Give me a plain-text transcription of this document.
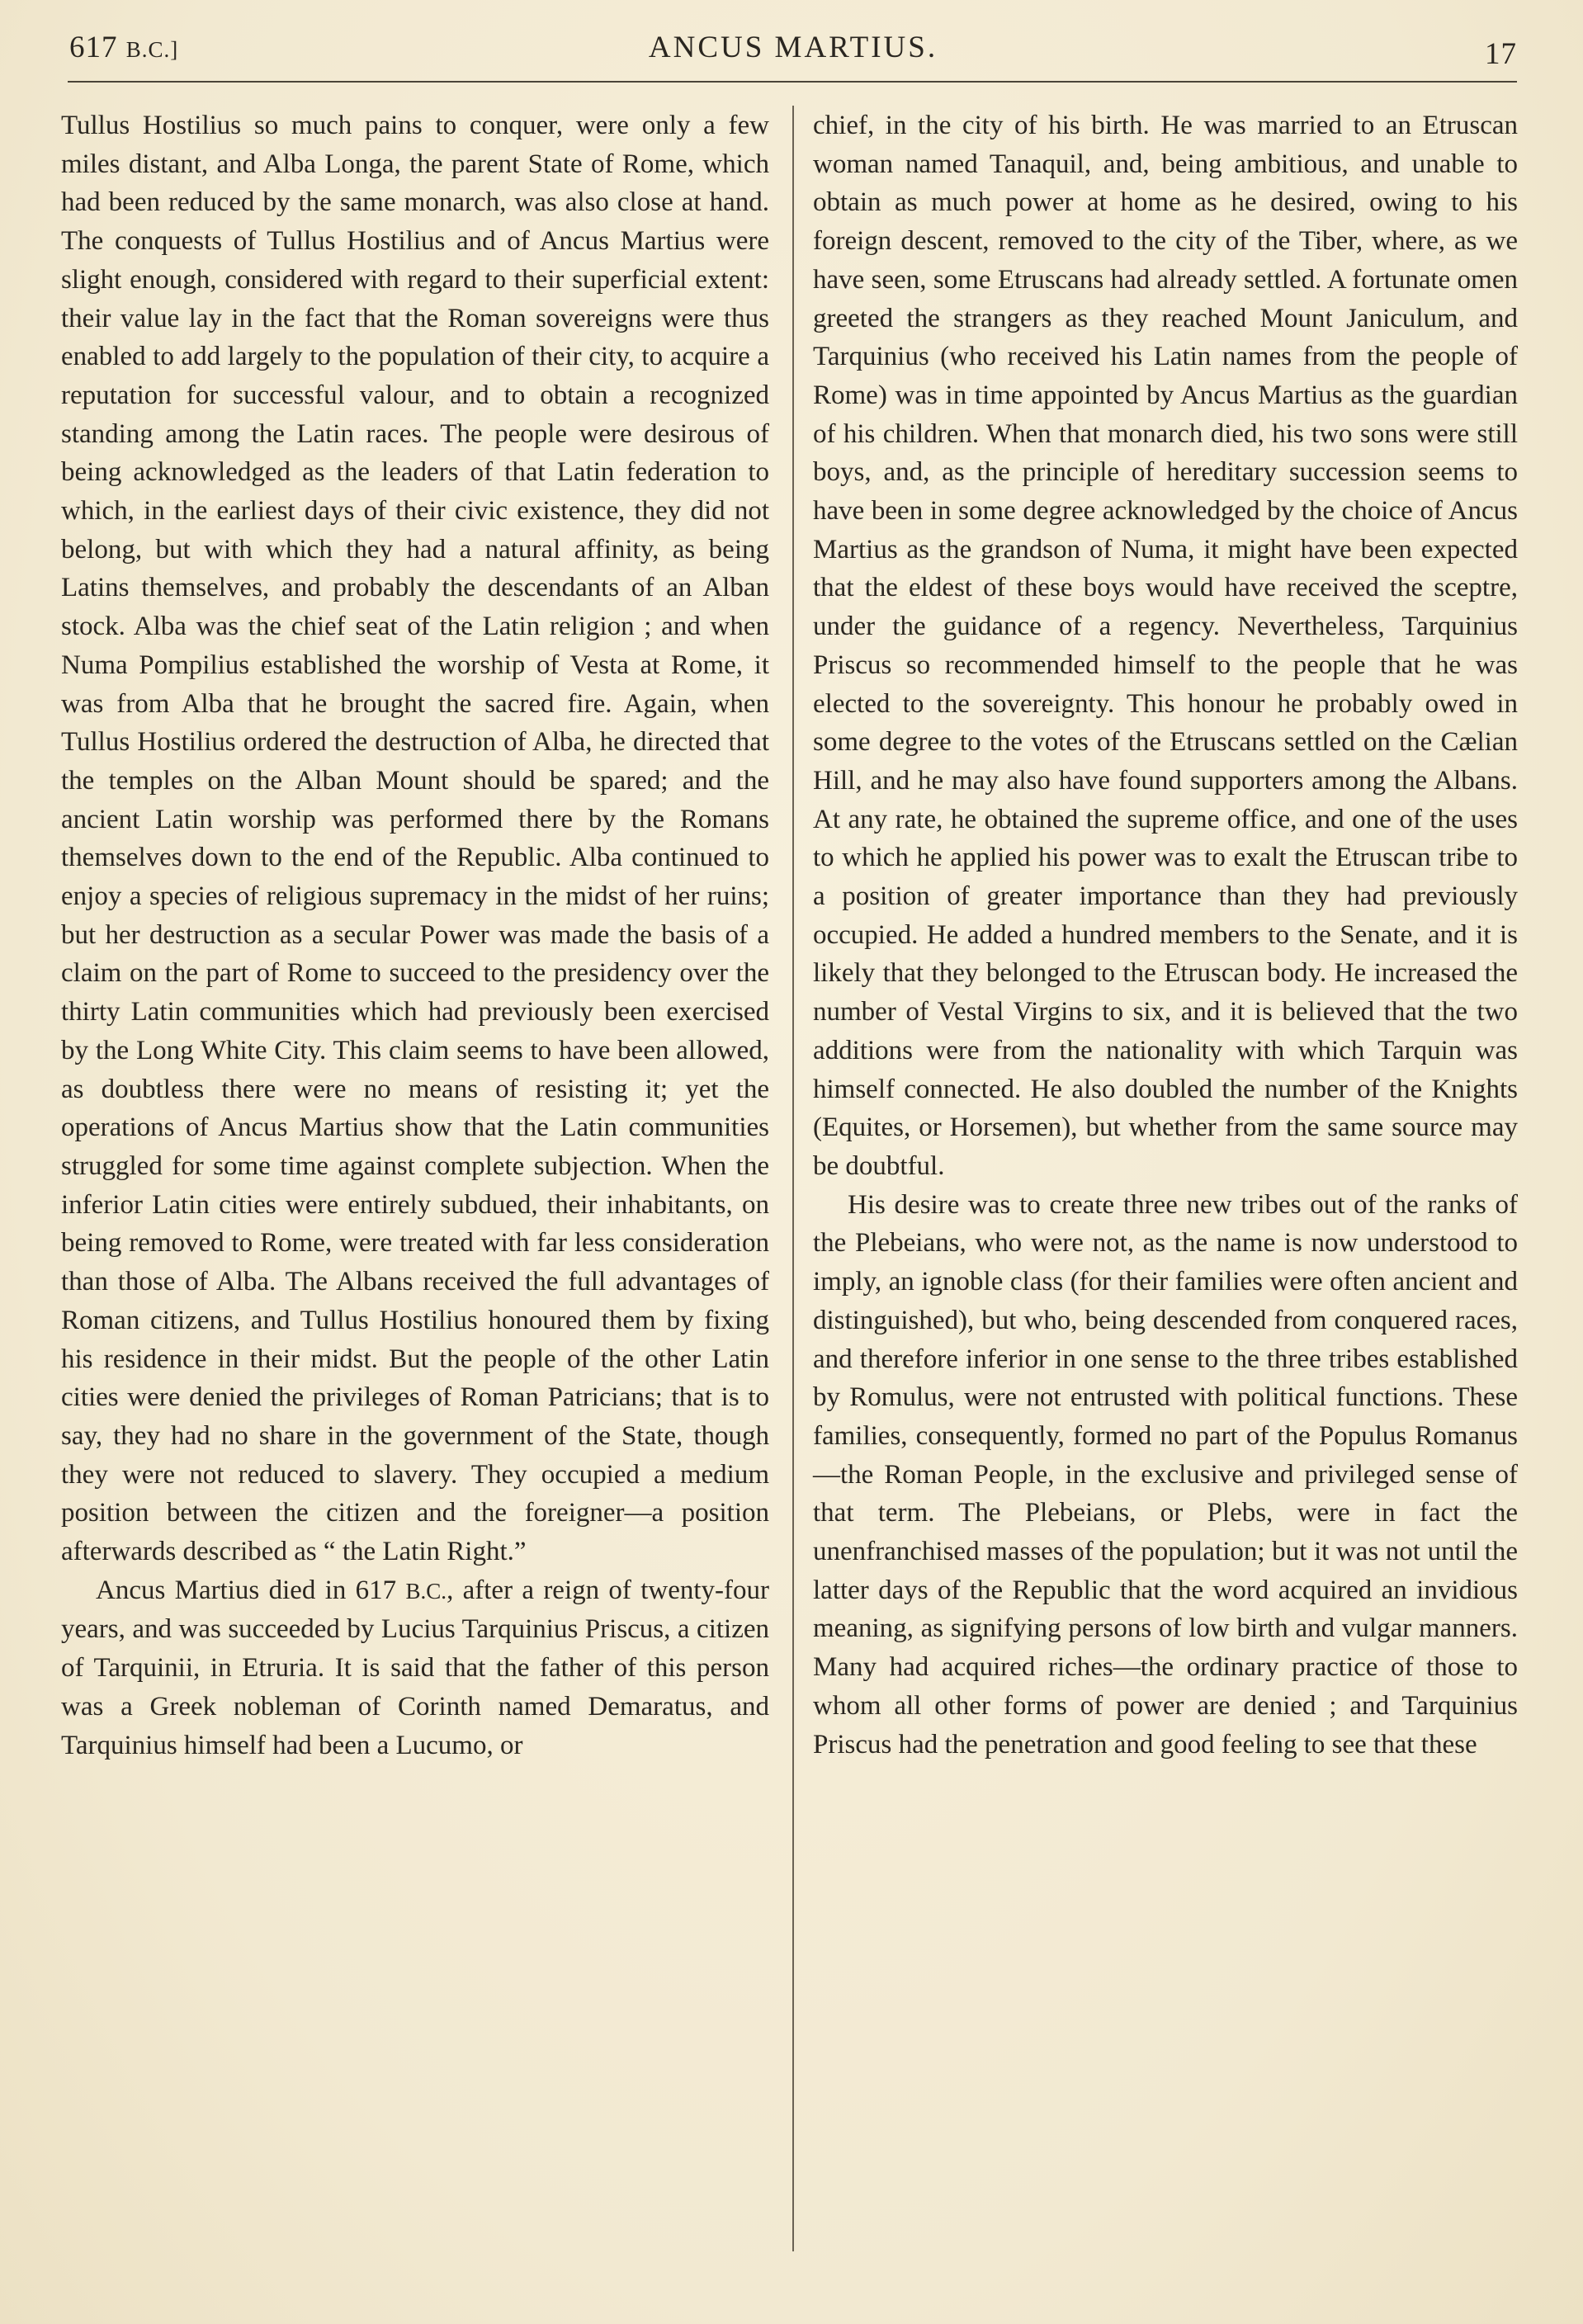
617 B.C.]	ANCUS MARTIUS.	17

Tullus Hostilius so much pains to conquer, were only a few miles distant, and Alba Longa, the parent State of Rome, which had been reduced by the same monarch, was also close at hand. The conquests of Tullus Hostilius and of Ancus Martius were slight enough, considered with regard to their superficial extent: their value lay in the fact that the Roman sovereigns were thus enabled to add largely to the population of their city, to acquire a reputation for successful valour, and to obtain a recognized standing among the Latin races. The people were desirous of being acknowledged as the leaders of that Latin federation to which, in the earliest days of their civic existence, they did not belong, but with which they had a natural affinity, as being Latins themselves, and probably the descendants of an Alban stock. Alba was the chief seat of the Latin religion ; and when Numa Pompilius established the worship of Vesta at Rome, it was from Alba that he brought the sacred fire. Again, when Tullus Hostilius ordered the destruction of Alba, he directed that the temples on the Alban Mount should be spared; and the ancient Latin worship was performed there by the Romans themselves down to the end of the Republic. Alba continued to enjoy a species of religious supremacy in the midst of her ruins; but her destruction as a secular Power was made the basis of a claim on the part of Rome to succeed to the presidency over the thirty Latin communities which had previously been exercised by the Long White City. This claim seems to have been allowed, as doubtless there were no means of resisting it; yet the operations of Ancus Martius show that the Latin communities struggled for some time against complete subjection. When the inferior Latin cities were entirely subdued, their inhabitants, on being removed to Rome, were treated with far less consideration than those of Alba. The Albans received the full advantages of Roman citizens, and Tullus Hostilius honoured them by fixing his residence in their midst. But the people of the other Latin cities were denied the privileges of Roman Patricians; that is to say, they had no share in the government of the State, though they were not reduced to slavery. They occupied a medium position between the citizen and the foreigner—a position afterwards described as “ the Latin Right.”

Ancus Martius died in 617 B.C., after a reign of twenty-four years, and was succeeded by Lucius Tarquinius Priscus, a citizen of Tarquinii, in Etruria. It is said that the father of this person was a Greek nobleman of Corinth named Demaratus, and Tarquinius himself had been a Lucumo, or

chief, in the city of his birth. He was married to an Etruscan woman named Tanaquil, and, being ambitious, and unable to obtain as much power at home as he desired, owing to his foreign descent, removed to the city of the Tiber, where, as we have seen, some Etruscans had already settled. A fortunate omen greeted the strangers as they reached Mount Janiculum, and Tarquinius (who received his Latin names from the people of Rome) was in time appointed by Ancus Martius as the guardian of his children. When that monarch died, his two sons were still boys, and, as the principle of hereditary succession seems to have been in some degree acknowledged by the choice of Ancus Martius as the grandson of Numa, it might have been expected that the eldest of these boys would have received the sceptre, under the guidance of a regency. Nevertheless, Tarquinius Priscus so recommended himself to the people that he was elected to the sovereignty. This honour he probably owed in some degree to the votes of the Etruscans settled on the Cælian Hill, and he may also have found supporters among the Albans. At any rate, he obtained the supreme office, and one of the uses to which he applied his power was to exalt the Etruscan tribe to a position of greater importance than they had previously occupied. He added a hundred members to the Senate, and it is likely that they belonged to the Etruscan body. He increased the number of Vestal Virgins to six, and it is believed that the two additions were from the nationality with which Tarquin was himself connected. He also doubled the number of the Knights (Equites, or Horsemen), but whether from the same source may be doubtful.

His desire was to create three new tribes out of the ranks of the Plebeians, who were not, as the name is now understood to imply, an ignoble class (for their families were often ancient and distinguished), but who, being descended from conquered races, and therefore inferior in one sense to the three tribes established by Romulus, were not entrusted with political functions. These families, consequently, formed no part of the Populus Romanus—the Roman People, in the exclusive and privileged sense of that term. The Plebeians, or Plebs, were in fact the unenfranchised masses of the population; but it was not until the latter days of the Republic that the word acquired an invidious meaning, as signifying persons of low birth and vulgar manners. Many had acquired riches—the ordinary practice of those to whom all other forms of power are denied ; and Tarquinius Priscus had the penetration and good feeling to see that these
